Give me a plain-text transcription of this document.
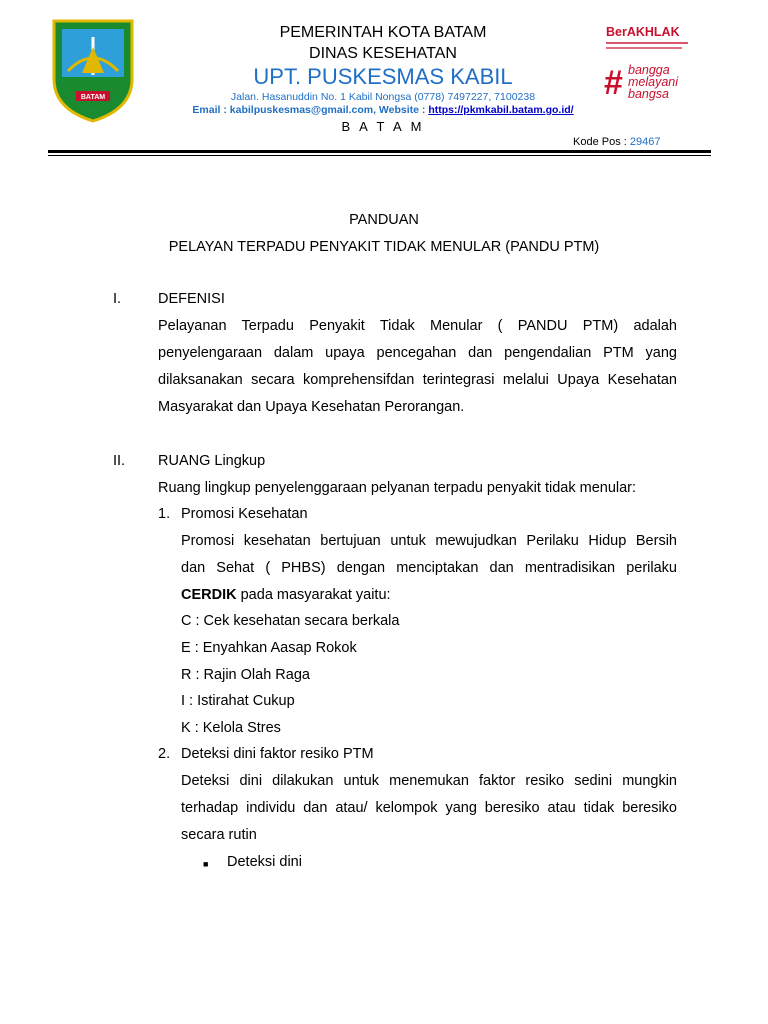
BATAM
PEMERINTAH KOTA BATAM
DINAS KESEHATAN
UPT. PUSKESMAS KABIL
Jalan. Hasanuddin No. 1 Kabil Nongsa (0778) 7497227, 7100238
Email : kabilpuskesmas@gmail.com, Website : https://pkmkabil.batam.go.id/
B A T A M
Kode Pos : 29467
BerAKHLAK
# bangga
melayani
bangsa
PANDUAN
PELAYAN TERPADU PENYAKIT TIDAK MENULAR (PANDU PTM)
I.	DEFENISI
Pelayanan Terpadu Penyakit Tidak Menular ( PANDU PTM) adalah
penyelengaraan dalam upaya pencegahan dan pengendalian PTM yang
dilaksanakan secara komprehensifdan terintegrasi melalui Upaya Kesehatan
Masyarakat dan Upaya Kesehatan Perorangan.
II. RUANG Lingkup
Ruang lingkup penyelenggaraan pelyanan terpadu penyakit tidak menular:
1. Promosi Kesehatan
Promosi kesehatan bertujuan untuk mewujudkan Perilaku Hidup Bersih
dan Sehat ( PHBS) dengan menciptakan dan mentradisikan perilaku
CERDIK pada masyarakat yaitu:
C : Cek kesehatan secara berkala
E : Enyahkan Aasap Rokok
R : Rajin Olah Raga
I : Istirahat Cukup
K : Kelola Stres
2. Deteksi dini faktor resiko PTM
Deteksi dini dilakukan untuk menemukan faktor resiko sedini mungkin
terhadap individu dan atau/ kelompok yang beresiko atau tidak beresiko
secara rutin
■ Deteksi dini
